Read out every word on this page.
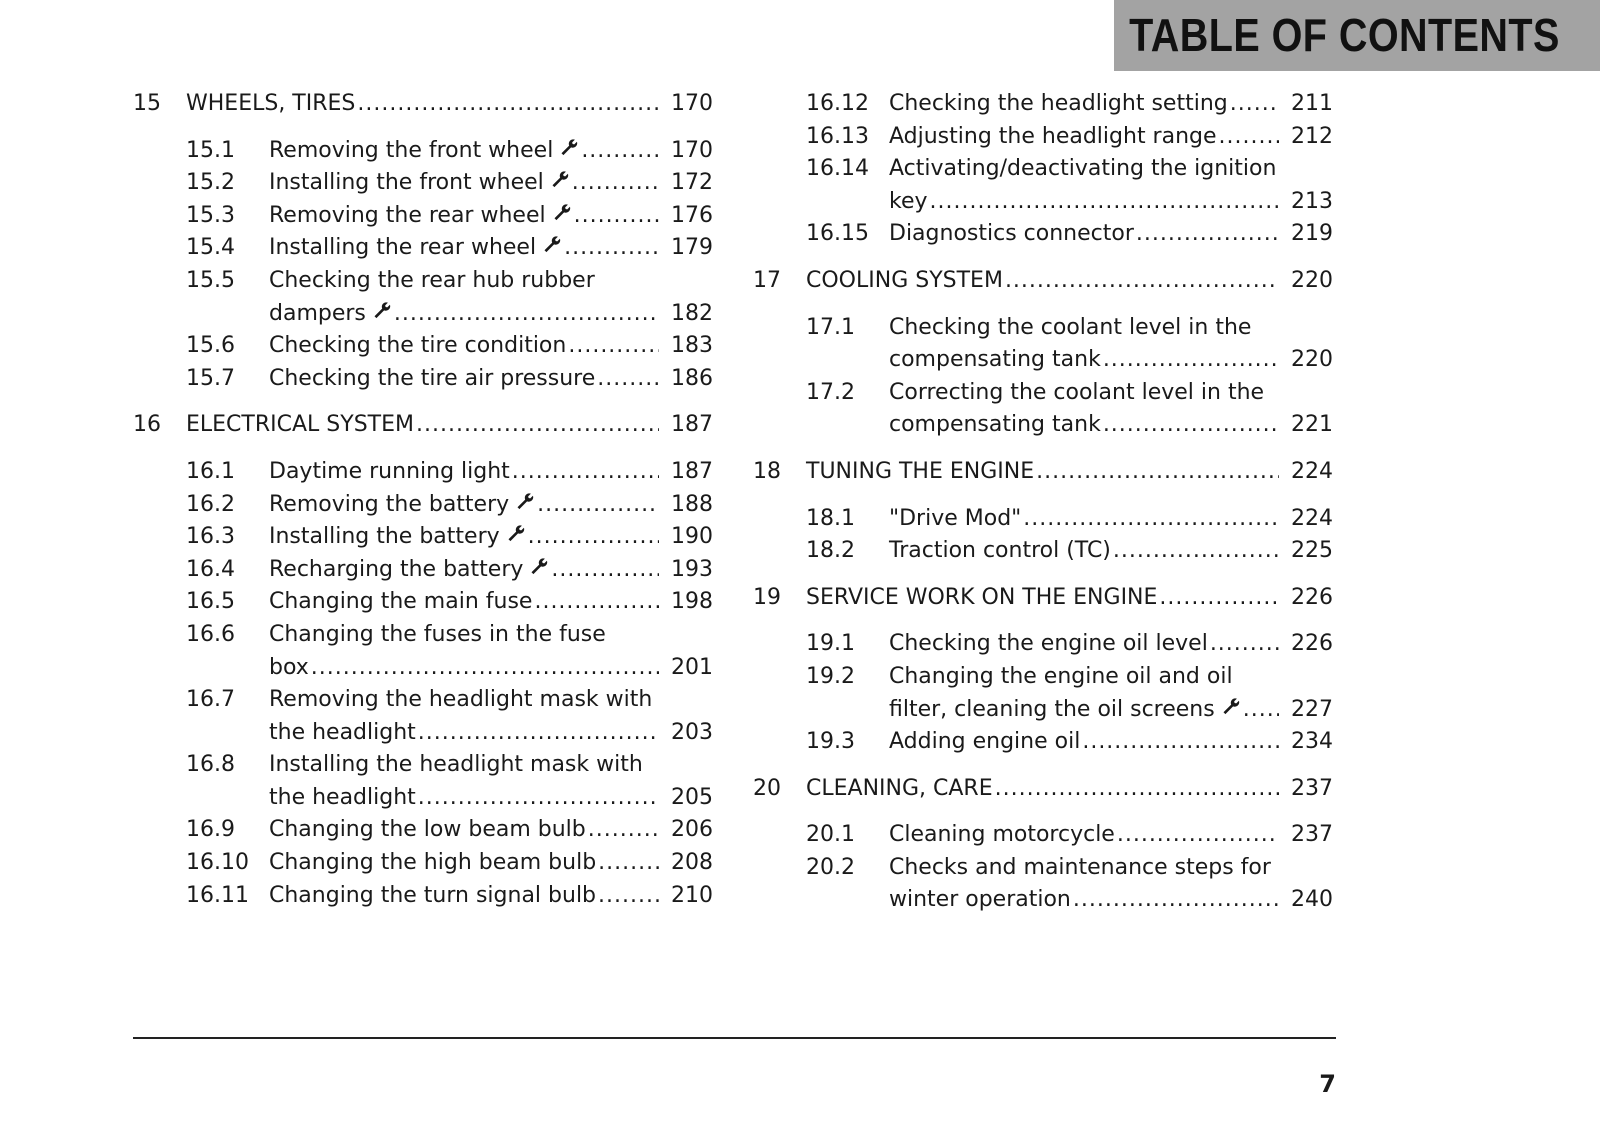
TABLE OF CONTENTS
15 WHEELS, TIRES .....	170
15.1 Removing the front wheel .....	170
15.2 Installing the front wheel .....	172
15.3 Removing the rear wheel .....	176
15.4 Installing the rear wheel .....	179
15.5 Checking the rear hub rubber
dampers .....	182
15.6 Checking the tire condition .....	183
15.7 Checking the tire air pressure .....	186
16 ELECTRICAL SYSTEM .....	187
16.1 Daytime running light .....	187
16.2 Removing the battery .....	188
16.3 Installing the battery .....	190
16.4 Recharging the battery .....	193
16.5 Changing the main fuse .....	198
16.6 Changing the fuses in the fuse
box .....	201
16.7 Removing the headlight mask with
the headlight .....	203
16.8 Installing the headlight mask with
the headlight .....	205
16.9 Changing the low beam bulb .....	206
16.10 Changing the high beam bulb .....	208
16.11 Changing the turn signal bulb .....	210
16.12 Checking the headlight setting .....	211
16.13 Adjusting the headlight range .....	212
16.14 Activating/deactivating the ignition
key .....	213
16.15 Diagnostics connector .....	219
17 COOLING SYSTEM .....	220
17.1 Checking the coolant level in the
compensating tank .....	220
17.2 Correcting the coolant level in the
compensating tank .....	221
18 TUNING THE ENGINE .....	224
18.1 "Drive Mod" .....	224
18.2 Traction control (TC) .....	225
19 SERVICE WORK ON THE ENGINE .....	226
19.1 Checking the engine oil level .....	226
19.2 Changing the engine oil and oil
filter, cleaning the oil screens .....	227
19.3 Adding engine oil .....	234
20 CLEANING, CARE .....	237
20.1 Cleaning motorcycle .....	237
20.2 Checks and maintenance steps for
winter operation .....	240
7
